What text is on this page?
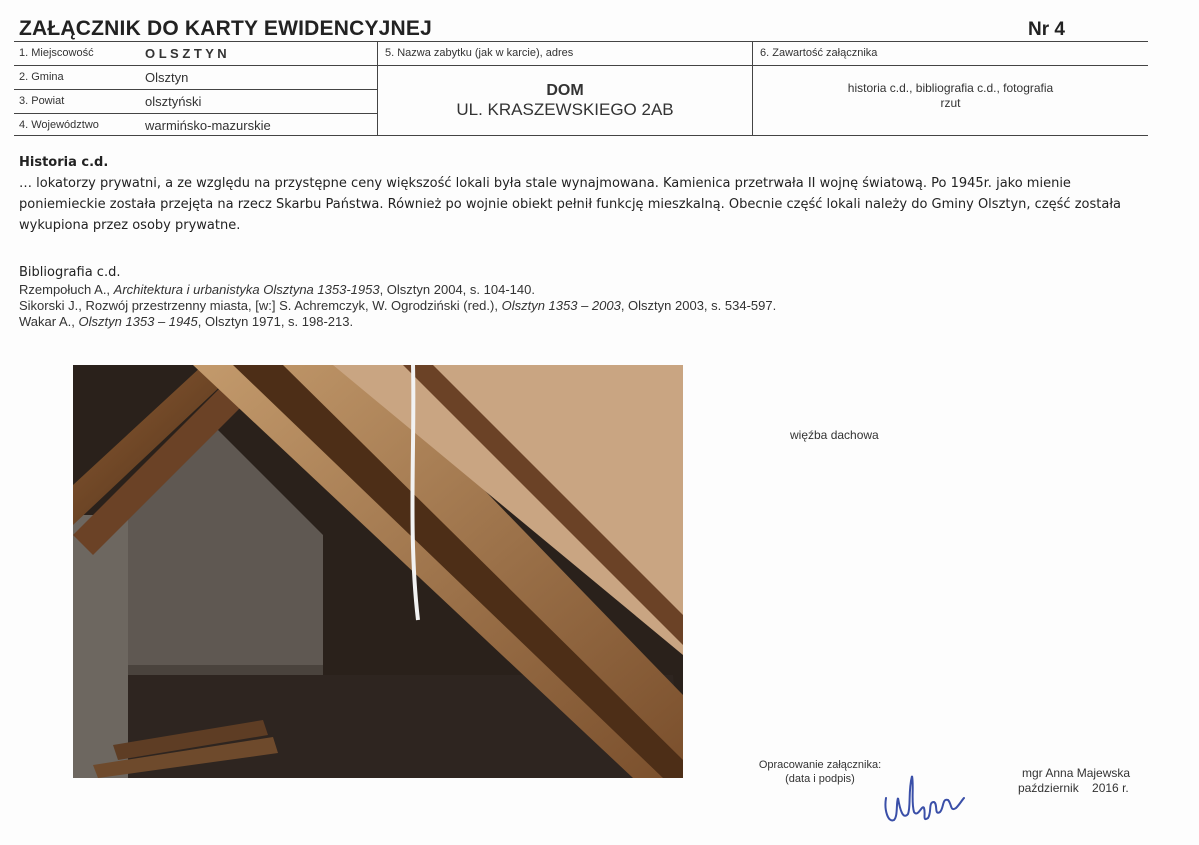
ZAŁĄCZNIK DO KARTY EWIDENCYJNEJ	Nr 4
1. Miejscowość	O L S Z T Y N
2. Gmina	Olsztyn
3. Powiat	olsztyński
4. Województwo	warmińsko-mazurskie
5. Nazwa zabytku (jak w karcie), adres
DOM
UL. KRASZEWSKIEGO 2AB
6. Zawartość załącznika
historia c.d., bibliografia c.d., fotografia
rzut
Historia c.d.

… lokatorzy prywatni, a ze względu na przystępne ceny większość lokali była stale wynajmowana. Kamienica przetrwała II wojnę światową. Po 1945r. jako mienie poniemieckie została przejęta na rzecz Skarbu Państwa. Również po wojnie obiekt pełnił funkcję mieszkalną. Obecnie część lokali należy do Gminy Olsztyn, część została wykupiona przez osoby prywatne.

Bibliografia c.d.
Rzempołuch A., Architektura i urbanistyka Olsztyna 1353-1953, Olsztyn 2004, s. 104-140.
Sikorski J., Rozwój przestrzenny miasta, [w:] S. Achremczyk, W. Ogrodziński (red.), Olsztyn 1353 – 2003, Olsztyn 2003, s. 534-597.
Wakar A., Olsztyn 1353 – 1945, Olsztyn 1971, s. 198-213.
więźba dachowa
Opracowanie załącznika:
(data i podpis)	mgr Anna Majewska
październik    2016 r.
